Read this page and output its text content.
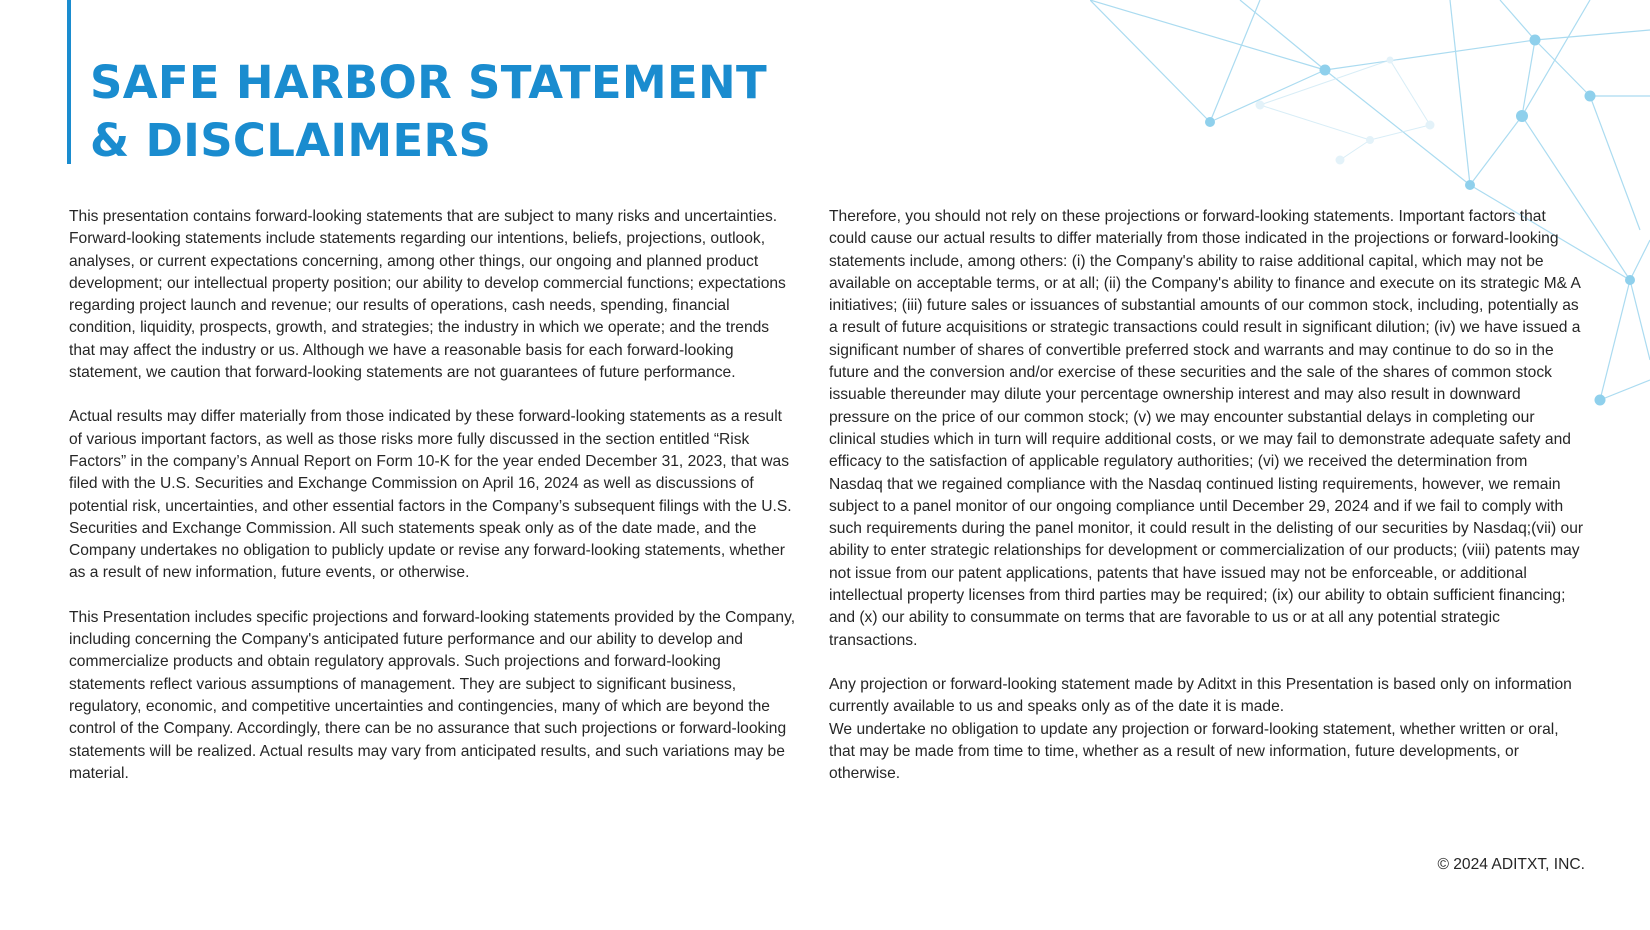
SAFE HARBOR STATEMENT
& DISCLAIMERS

This presentation contains forward-looking statements that are subject to many risks and uncertainties. Forward-looking statements include statements regarding our intentions, beliefs, projections, outlook, analyses, or current expectations concerning, among other things, our ongoing and planned product development; our intellectual property position; our ability to develop commercial functions; expectations regarding project launch and revenue; our results of operations, cash needs, spending, financial condition, liquidity, prospects, growth, and strategies; the industry in which we operate; and the trends that may affect the industry or us. Although we have a reasonable basis for each forward-looking statement, we caution that forward-looking statements are not guarantees of future performance.

Actual results may differ materially from those indicated by these forward-looking statements as a result of various important factors, as well as those risks more fully discussed in the section entitled “Risk Factors” in the company’s Annual Report on Form 10-K for the year ended December 31, 2023, that was filed with the U.S. Securities and Exchange Commission on April 16, 2024 as well as discussions of potential risk, uncertainties, and other essential factors in the Company’s subsequent filings with the U.S. Securities and Exchange Commission. All such statements speak only as of the date made, and the Company undertakes no obligation to publicly update or revise any forward-looking statements, whether as a result of new information, future events, or otherwise.

This Presentation includes specific projections and forward-looking statements provided by the Company, including concerning the Company's anticipated future performance and our ability to develop and commercialize products and obtain regulatory approvals. Such projections and forward-looking statements reflect various assumptions of management. They are subject to significant business, regulatory, economic, and competitive uncertainties and contingencies, many of which are beyond the control of the Company. Accordingly, there can be no assurance that such projections or forward-looking statements will be realized. Actual results may vary from anticipated results, and such variations may be material.

Therefore, you should not rely on these projections or forward-looking statements. Important factors that could cause our actual results to differ materially from those indicated in the projections or forward-looking statements include, among others: (i) the Company's ability to raise additional capital, which may not be available on acceptable terms, or at all; (ii) the Company's ability to finance and execute on its strategic M& A initiatives; (iii) future sales or issuances of substantial amounts of our common stock, including, potentially as a result of future acquisitions or strategic transactions could result in significant dilution; (iv) we have issued a significant number of shares of convertible preferred stock and warrants and may continue to do so in the future and the conversion and/or exercise of these securities and the sale of the shares of common stock issuable thereunder may dilute your percentage ownership interest and may also result in downward pressure on the price of our common stock; (v) we may encounter substantial delays in completing our clinical studies which in turn will require additional costs, or we may fail to demonstrate adequate safety and efficacy to the satisfaction of applicable regulatory authorities; (vi) we received the determination from Nasdaq that we regained compliance with the Nasdaq continued listing requirements, however, we remain subject to a panel monitor of our ongoing compliance until December 29, 2024 and if we fail to comply with such requirements during the panel monitor, it could result in the delisting of our securities by Nasdaq;(vii) our ability to enter strategic relationships for development or commercialization of our products; (viii) patents may not issue from our patent applications, patents that have issued may not be enforceable, or additional intellectual property licenses from third parties may be required; (ix) our ability to obtain sufficient financing; and (x) our ability to consummate on terms that are favorable to us or at all any potential strategic transactions.

Any projection or forward-looking statement made by Aditxt in this Presentation is based only on information currently available to us and speaks only as of the date it is made.

We undertake no obligation to update any projection or forward-looking statement, whether written or oral, that may be made from time to time, whether as a result of new information, future developments, or otherwise.

© 2024 ADITXT, INC.
